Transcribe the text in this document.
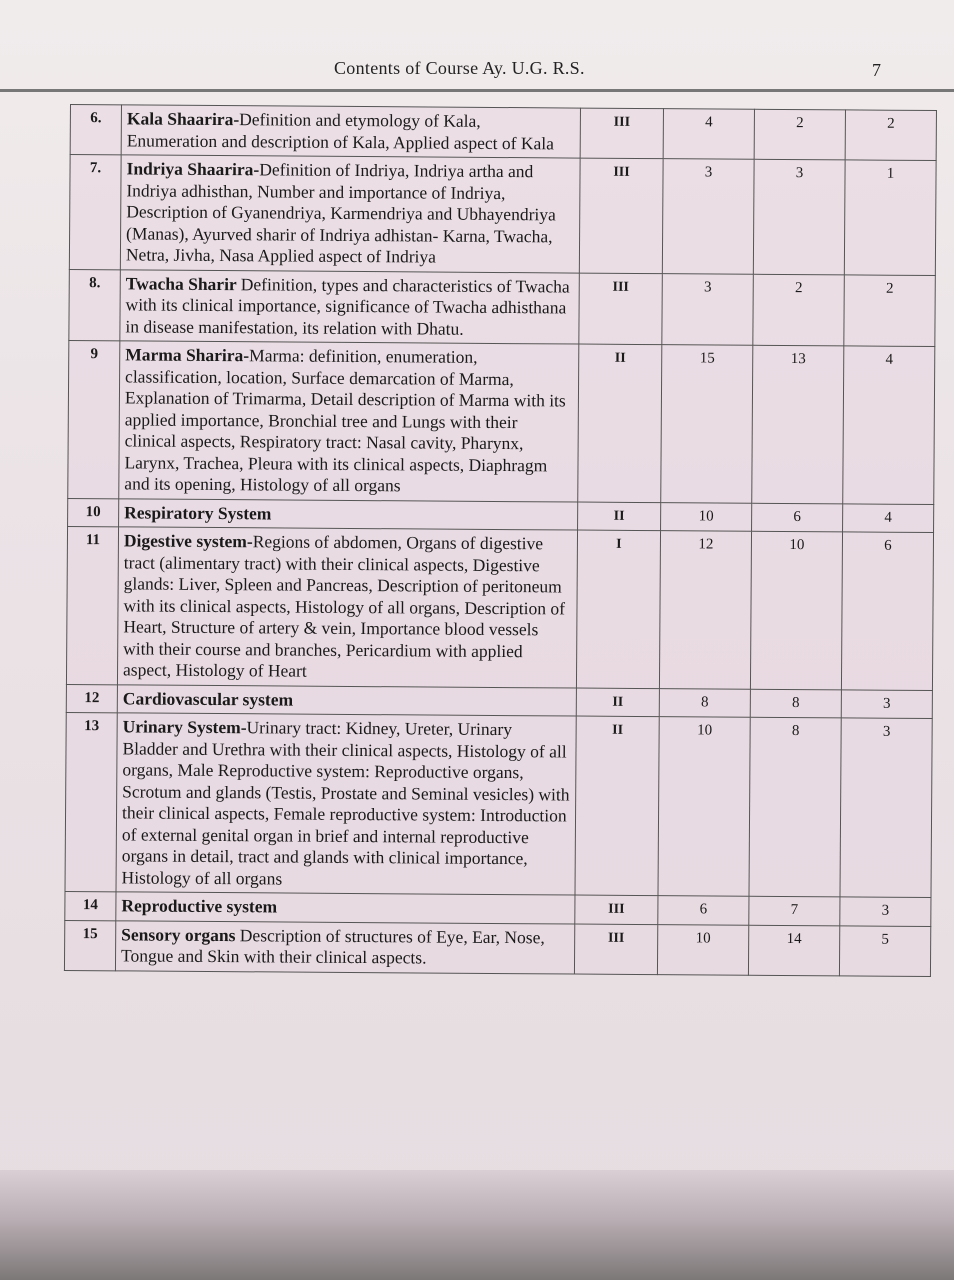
Contents of Course Ay. U.G. R.S.	7
6.	Kala Shaarira-Definition and etymology of Kala, Enumeration and description of Kala, Applied aspect of Kala	III	4	2	2
7.	Indriya Shaarira-Definition of Indriya, Indriya artha and Indriya adhisthan, Number and importance of Indriya, Description of Gyanendriya, Karmendriya and Ubhayendriya (Manas), Ayurved sharir of Indriya adhistan- Karna, Twacha, Netra, Jivha, Nasa Applied aspect of Indriya	III	3	3	1
8.	Twacha Sharir Definition, types and characteristics of Twacha with its clinical importance, significance of Twacha adhisthana in disease manifestation, its relation with Dhatu.	III	3	2	2
9	Marma Sharira-Marma: definition, enumeration, classification, location, Surface demarcation of Marma, Explanation of Trimarma, Detail description of Marma with its applied importance, Bronchial tree and Lungs with their clinical aspects, Respiratory tract: Nasal cavity, Pharynx, Larynx, Trachea, Pleura with its clinical aspects, Diaphragm and its opening, Histology of all organs	II	15	13	4
10	Respiratory System	II	10	6	4
11	Digestive system-Regions of abdomen, Organs of digestive tract (alimentary tract) with their clinical aspects, Digestive glands: Liver, Spleen and Pancreas, Description of peritoneum with its clinical aspects, Histology of all organs, Description of Heart, Structure of artery & vein, Importance blood vessels with their course and branches, Pericardium with applied aspect, Histology of Heart	I	12	10	6
12	Cardiovascular system	II	8	8	3
13	Urinary System-Urinary tract: Kidney, Ureter, Urinary Bladder and Urethra with their clinical aspects, Histology of all organs, Male Reproductive system: Reproductive organs, Scrotum and glands (Testis, Prostate and Seminal vesicles) with their clinical aspects, Female reproductive system: Introduction of external genital organ in brief and internal reproductive organs in detail, tract and glands with clinical importance, Histology of all organs	II	10	8	3
14	Reproductive system	III	6	7	3
15	Sensory organs Description of structures of Eye, Ear, Nose, Tongue and Skin with their clinical aspects.	III	10	14	5
